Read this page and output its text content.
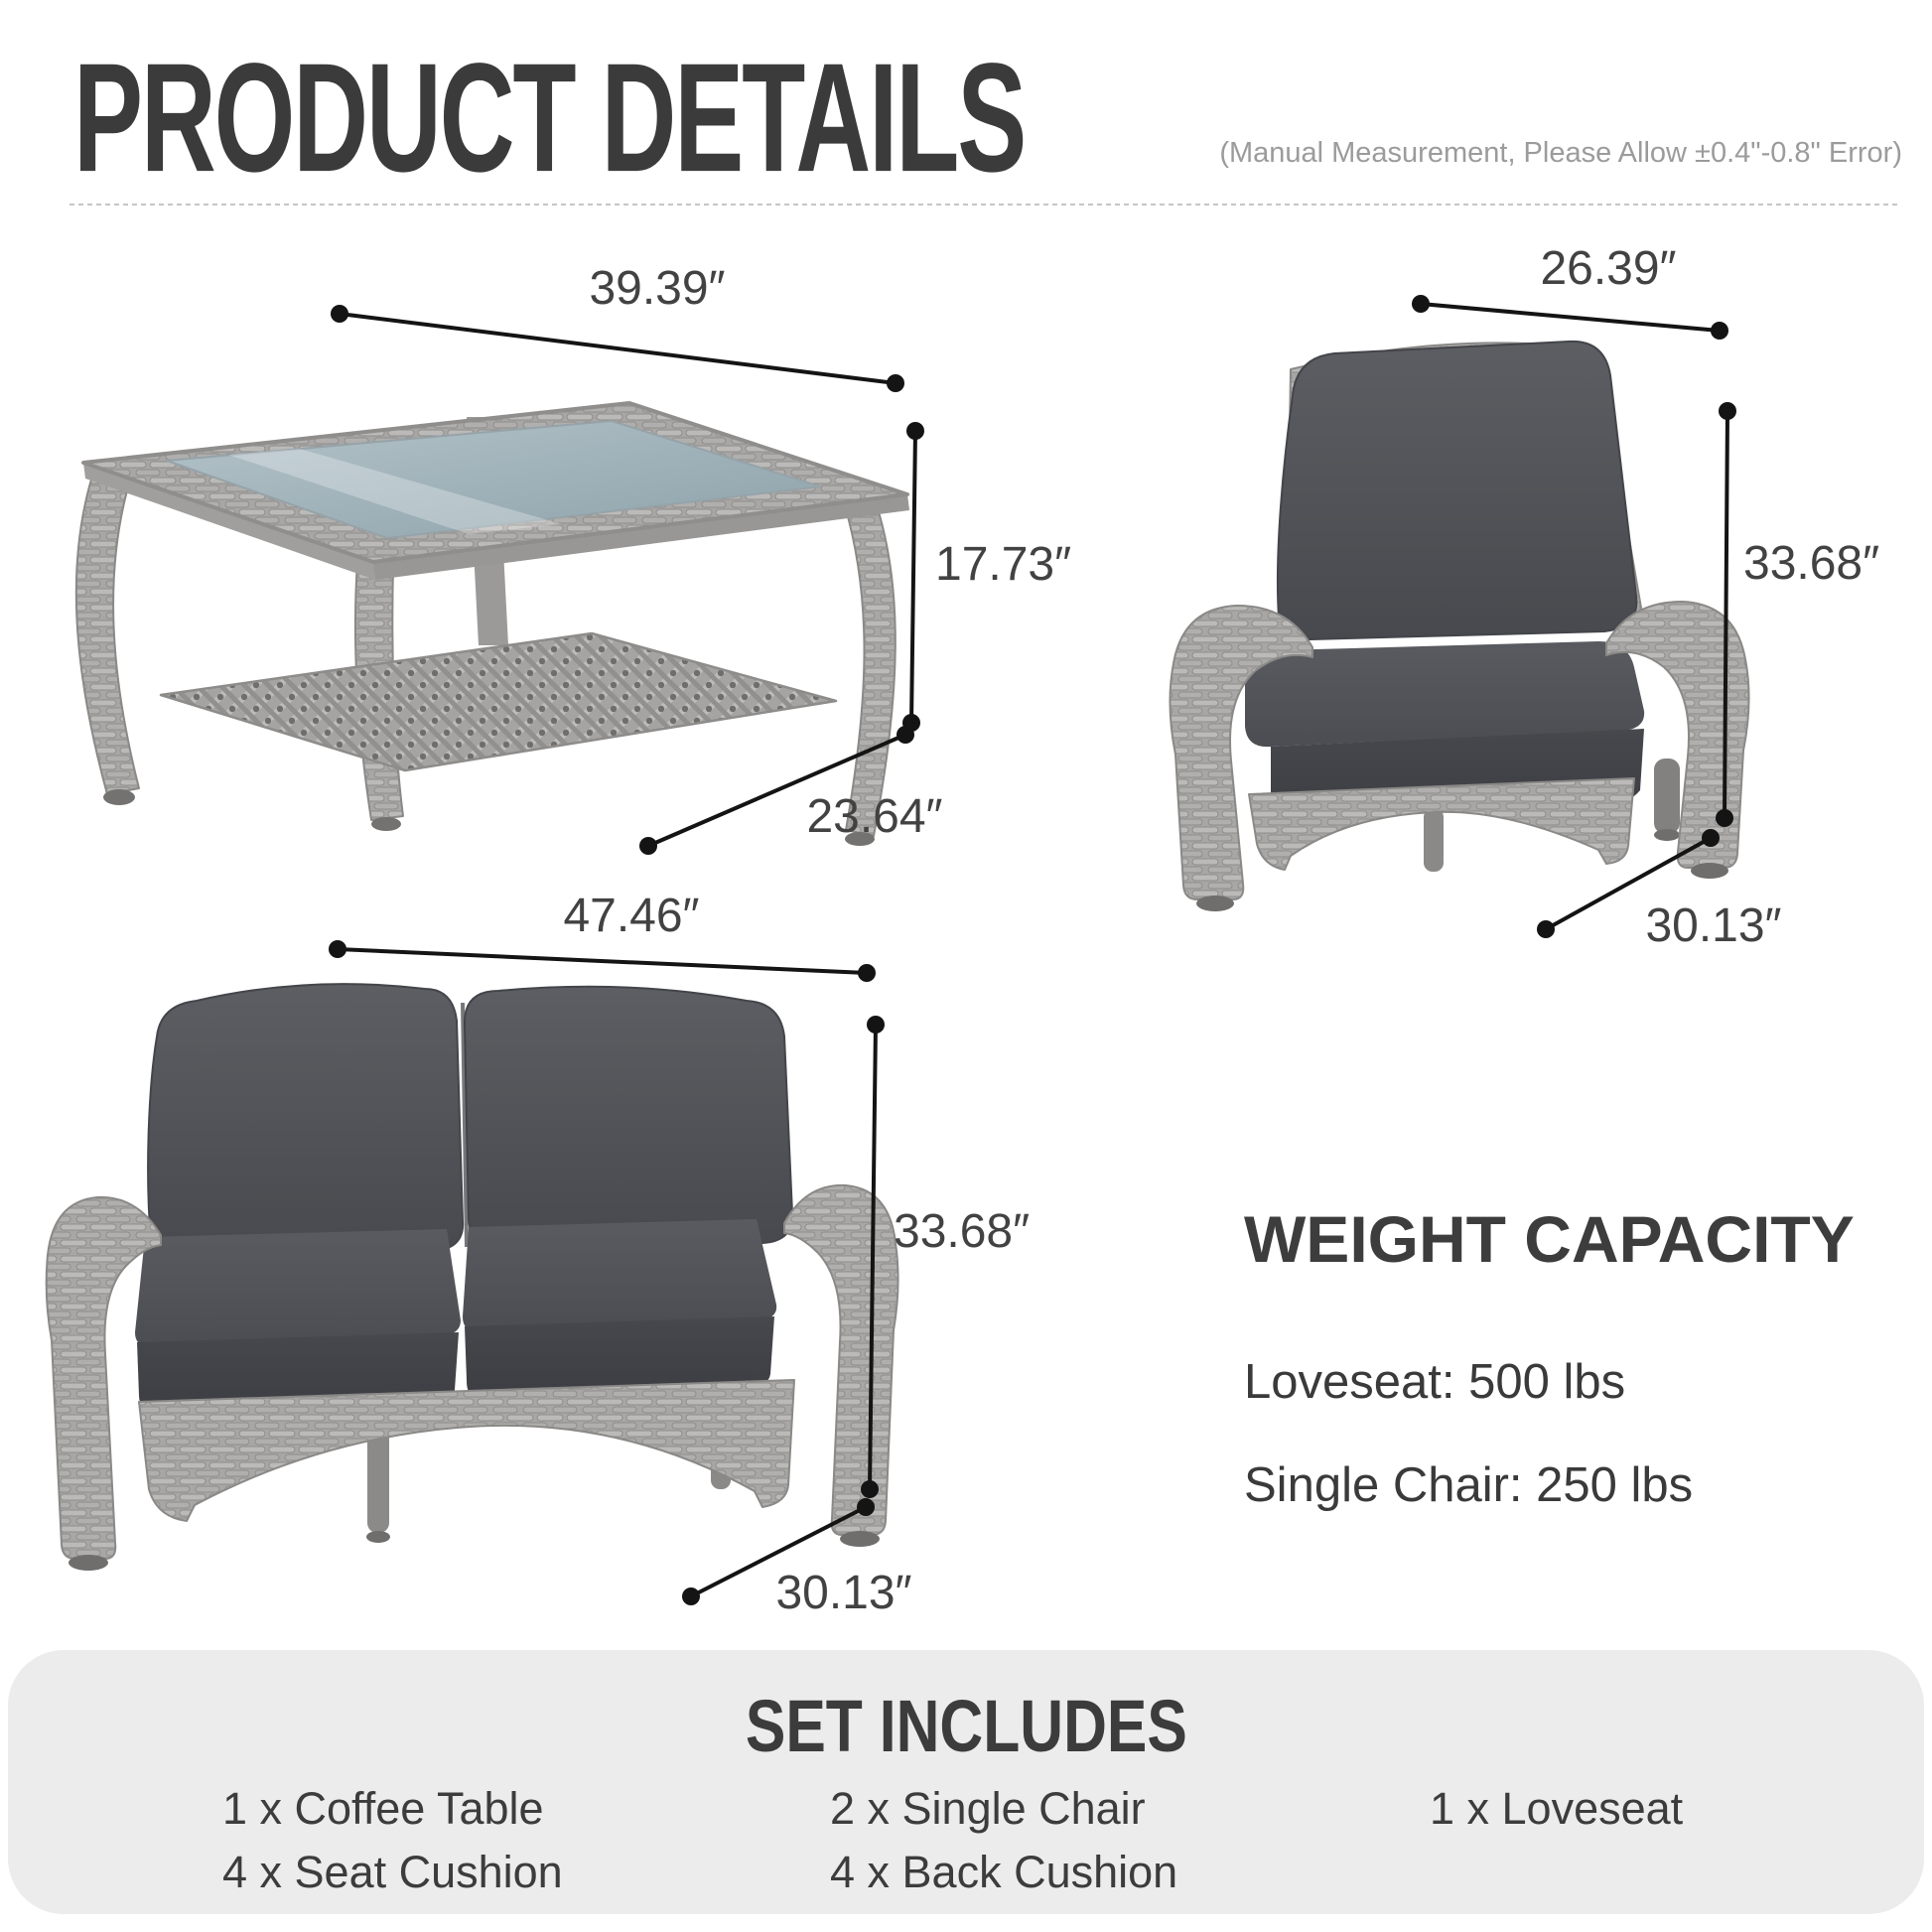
PRODUCT DETAILS	(Manual Measurement, Please Allow ±0.4"-0.8" Error)
39.39″
17.73″
23.64″
26.39″
33.68″
30.13″
47.46″
33.68″
30.13″
WEIGHT CAPACITY

Loveseat: 500 lbs

Single Chair: 250 lbs

SET INCLUDES
1 x Coffee Table	2 x Single Chair	1 x Loveseat
4 x Seat Cushion	4 x Back Cushion
